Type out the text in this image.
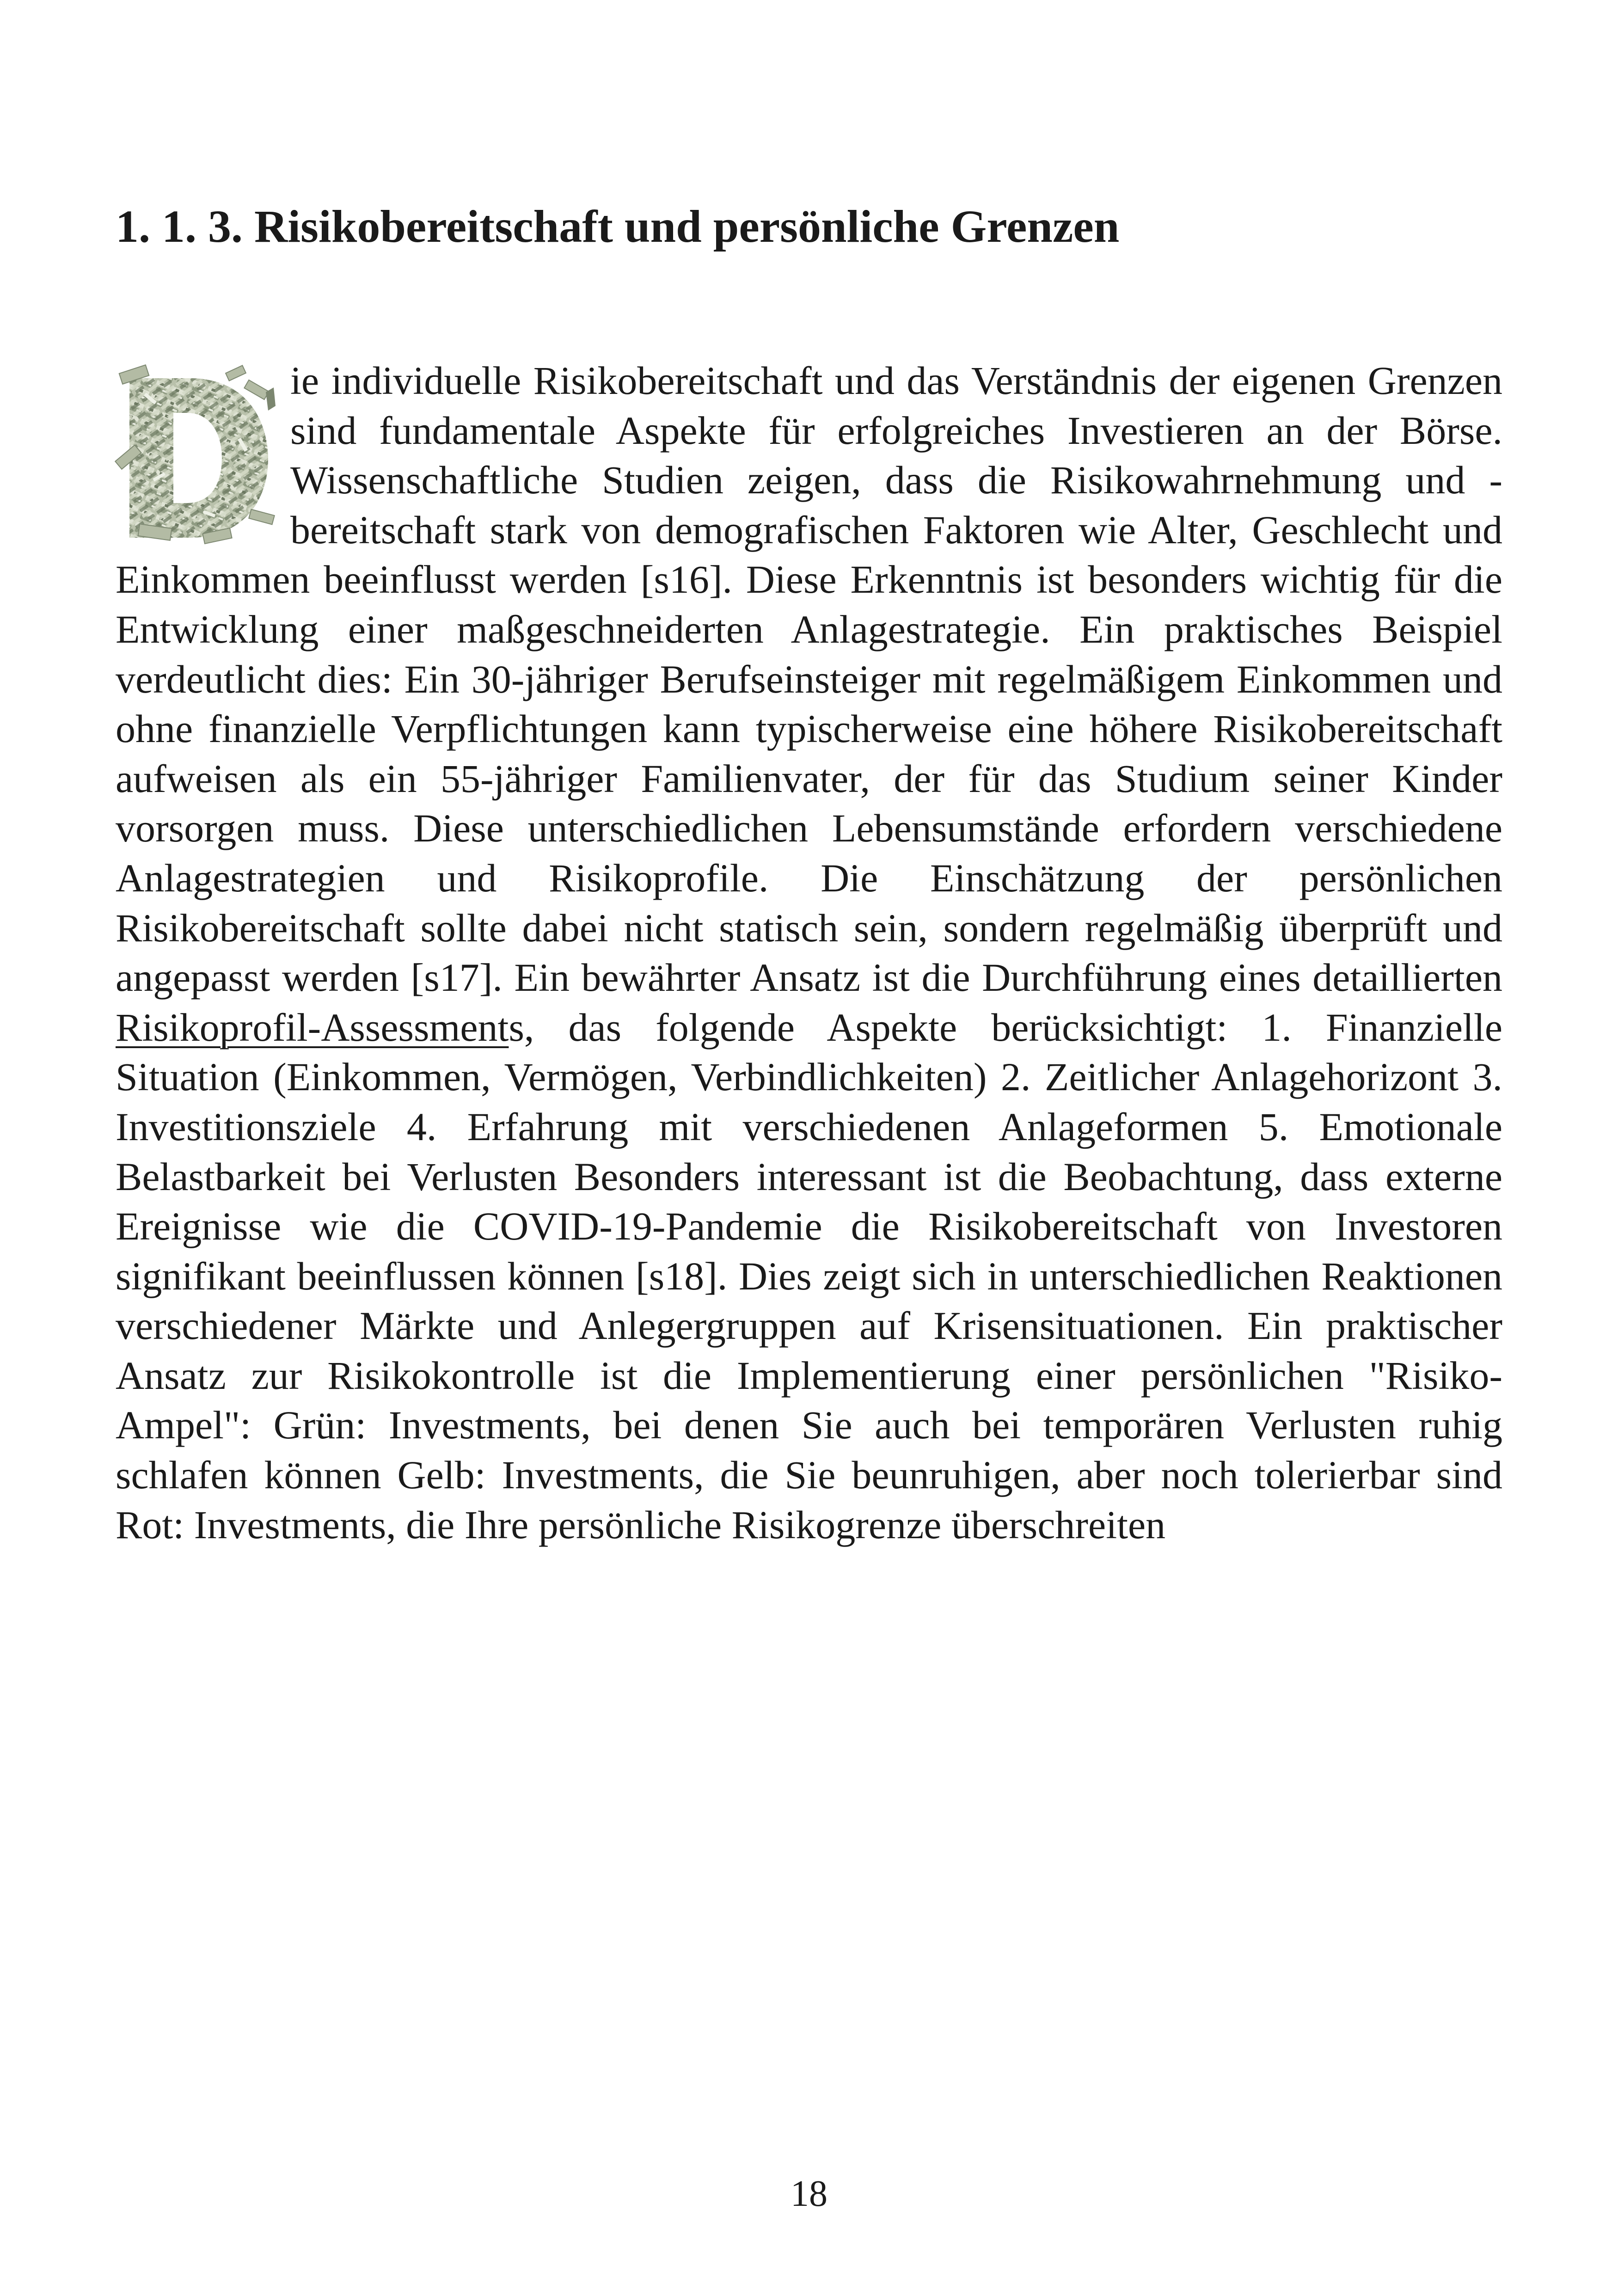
1. 1. 3. Risikobereitschaft und persönliche Grenzen

ie individuelle Risikobereitschaft und das Verständnis der eigenen Grenzen sind fundamentale Aspekte für erfolgreiches Investieren an der Börse. Wissenschaftliche Studien zeigen, dass die Risikowahrnehmung und -bereitschaft stark von demografischen Faktoren wie Alter, Geschlecht und Einkommen beeinflusst werden [s16]. Diese Erkenntnis ist besonders wichtig für die Entwicklung einer maßgeschneiderten Anlagestrategie. Ein praktisches Beispiel verdeutlicht dies: Ein 30-jähriger Berufseinsteiger mit regelmäßigem Einkommen und ohne finanzielle Verpflichtungen kann typischerweise eine höhere Risikobereitschaft aufweisen als ein 55-jähriger Familienvater, der für das Studium seiner Kinder vorsorgen muss. Diese unterschiedlichen Lebensumstände erfordern verschiedene Anlagestrategien und Risikoprofile. Die Einschätzung der persönlichen Risikobereitschaft sollte dabei nicht statisch sein, sondern regelmäßig überprüft und angepasst werden [s17]. Ein bewährter Ansatz ist die Durchführung eines detaillierten Risikoprofil-Assessments, das folgende Aspekte berücksichtigt: 1. Finanzielle Situation (Einkommen, Vermögen, Verbindlichkeiten) 2. Zeitlicher Anlagehorizont 3. Investitionsziele 4. Erfahrung mit verschiedenen Anlageformen 5. Emotionale Belastbarkeit bei Verlusten Besonders interessant ist die Beobachtung, dass externe Ereignisse wie die COVID-19-Pandemie die Risikobereitschaft von Investoren signifikant beeinflussen können [s18]. Dies zeigt sich in unterschiedlichen Reaktionen verschiedener Märkte und Anlegergruppen auf Krisensituationen. Ein praktischer Ansatz zur Risikokontrolle ist die Implementierung einer persönlichen "Risiko-Ampel": Grün: Investments, bei denen Sie auch bei temporären Verlusten ruhig schlafen können Gelb: Investments, die Sie beunruhigen, aber noch tolerierbar sind Rot: Investments, die Ihre persönliche Risikogrenze überschreiten

18
